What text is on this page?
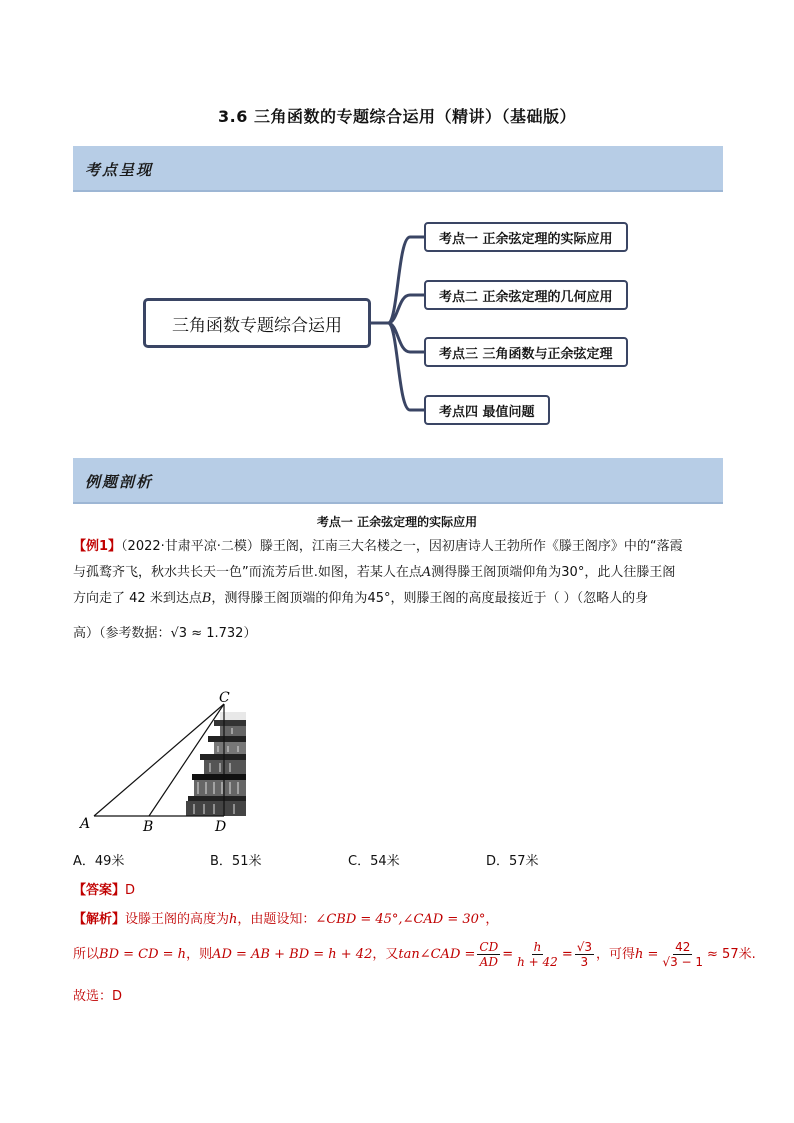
3.6 三角函数的专题综合运用（精讲）（基础版）
考点呈现
三角函数专题综合运用
考点一 正余弦定理的实际应用
考点二 正余弦定理的几何应用
考点三 三角函数与正余弦定理
考点四 最值问题
例题剖析
考点一 正余弦定理的实际应用
【例1】（2022·甘肃平凉·二模）滕王阁，江南三大名楼之一，因初唐诗人王勃所作《滕王阁序》中的“落霞
与孤鹜齐飞，秋水共长天一色”而流芳后世.如图，若某人在点A测得滕王阁顶端仰角为30°，此人往滕王阁
方向走了 42 米到达点B，测得滕王阁顶端的仰角为45°，则滕王阁的高度最接近于（ ）（忽略人的身
高）（参考数据：√3 ≈ 1.732）
A	B
C
D
A．49米	B．51米	C．54米	D．57米
【答案】D
【解析】设滕王阁的高度为h，由题设知：∠CBD = 45°,∠CAD = 30°，
所以 BD = CD = h ，则 AD = AB + BD = h + 42 ，又 tan∠CAD = $\frac{CD}{AD} = \frac{h}{h + 42} = \frac{√3}{3}$ ，可得 $h = \frac{42}{√3 - 1} \approx 57$米.
故选：D
